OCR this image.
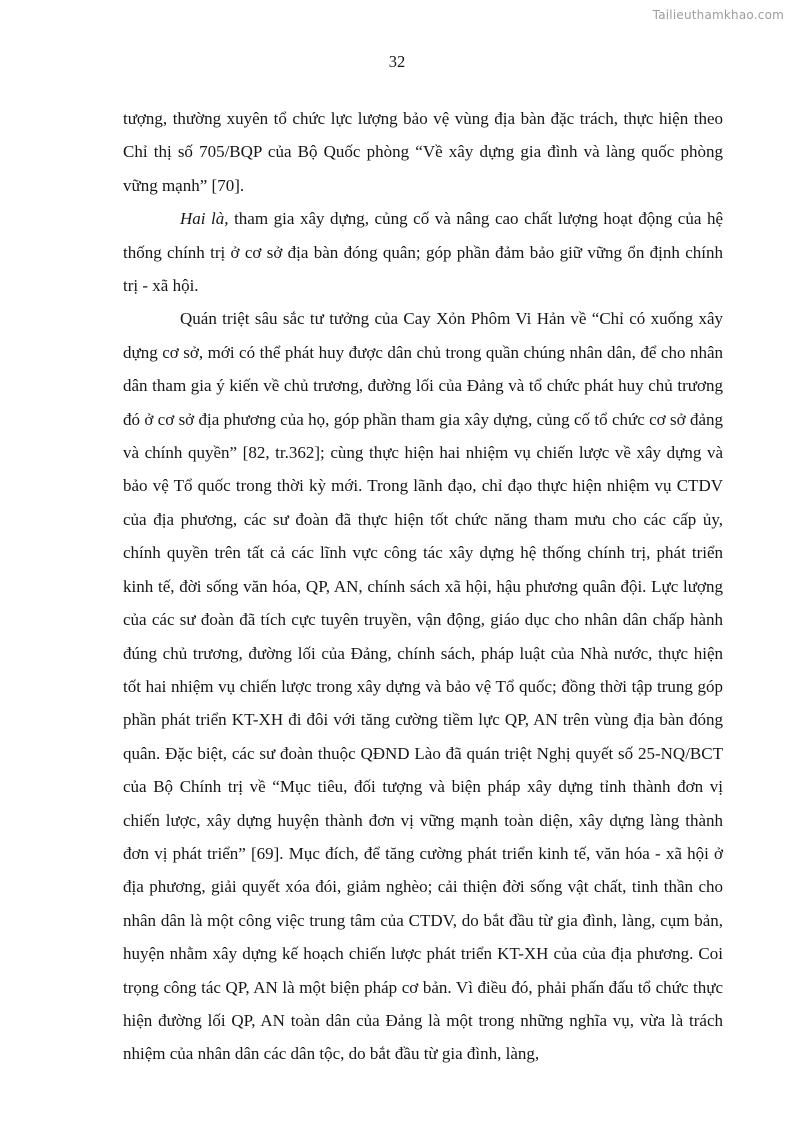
Tailieuthamkhao.com
32

tượng, thường xuyên tổ chức lực lượng bảo vệ vùng địa bàn đặc trách, thực hiện theo Chỉ thị số 705/BQP của Bộ Quốc phòng “Về xây dựng gia đình và làng quốc phòng vững mạnh” [70].

Hai là, tham gia xây dựng, củng cố và nâng cao chất lượng hoạt động của hệ thống chính trị ở cơ sở địa bàn đóng quân; góp phần đảm bảo giữ vững ổn định chính trị - xã hội.

Quán triệt sâu sắc tư tưởng của Cay Xỏn Phôm Vi Hản về “Chỉ có xuống xây dựng cơ sở, mới có thể phát huy được dân chủ trong quần chúng nhân dân, để cho nhân dân tham gia ý kiến về chủ trương, đường lối của Đảng và tổ chức phát huy chủ trương đó ở cơ sở địa phương của họ, góp phần tham gia xây dựng, củng cố tổ chức cơ sở đảng và chính quyền” [82, tr.362]; cùng thực hiện hai nhiệm vụ chiến lược về xây dựng và bảo vệ Tổ quốc trong thời kỳ mới. Trong lãnh đạo, chỉ đạo thực hiện nhiệm vụ CTDV của địa phương, các sư đoàn đã thực hiện tốt chức năng tham mưu cho các cấp ủy, chính quyền trên tất cả các lĩnh vực công tác xây dựng hệ thống chính trị, phát triển kinh tế, đời sống văn hóa, QP, AN, chính sách xã hội, hậu phương quân đội. Lực lượng của các sư đoàn đã tích cực tuyên truyền, vận động, giáo dục cho nhân dân chấp hành đúng chủ trương, đường lối của Đảng, chính sách, pháp luật của Nhà nước, thực hiện tốt hai nhiệm vụ chiến lược trong xây dựng và bảo vệ Tổ quốc; đồng thời tập trung góp phần phát triển KT-XH đi đôi với tăng cường tiềm lực QP, AN trên vùng địa bàn đóng quân. Đặc biệt, các sư đoàn thuộc QĐND Lào đã quán triệt Nghị quyết số 25-NQ/BCT của Bộ Chính trị về “Mục tiêu, đối tượng và biện pháp xây dựng tỉnh thành đơn vị chiến lược, xây dựng huyện thành đơn vị vững mạnh toàn diện, xây dựng làng thành đơn vị phát triển” [69]. Mục đích, để tăng cường phát triển kinh tế, văn hóa - xã hội ở địa phương, giải quyết xóa đói, giảm nghèo; cải thiện đời sống vật chất, tinh thần cho nhân dân là một công việc trung tâm của CTDV, do bắt đầu từ gia đình, làng, cụm bản, huyện nhằm xây dựng kế hoạch chiến lược phát triển KT-XH của của địa phương. Coi trọng công tác QP, AN là một biện pháp cơ bản. Vì điều đó, phải phấn đấu tổ chức thực hiện đường lối QP, AN toàn dân của Đảng là một trong những nghĩa vụ, vừa là trách nhiệm của nhân dân các dân tộc, do bắt đầu từ gia đình, làng,
